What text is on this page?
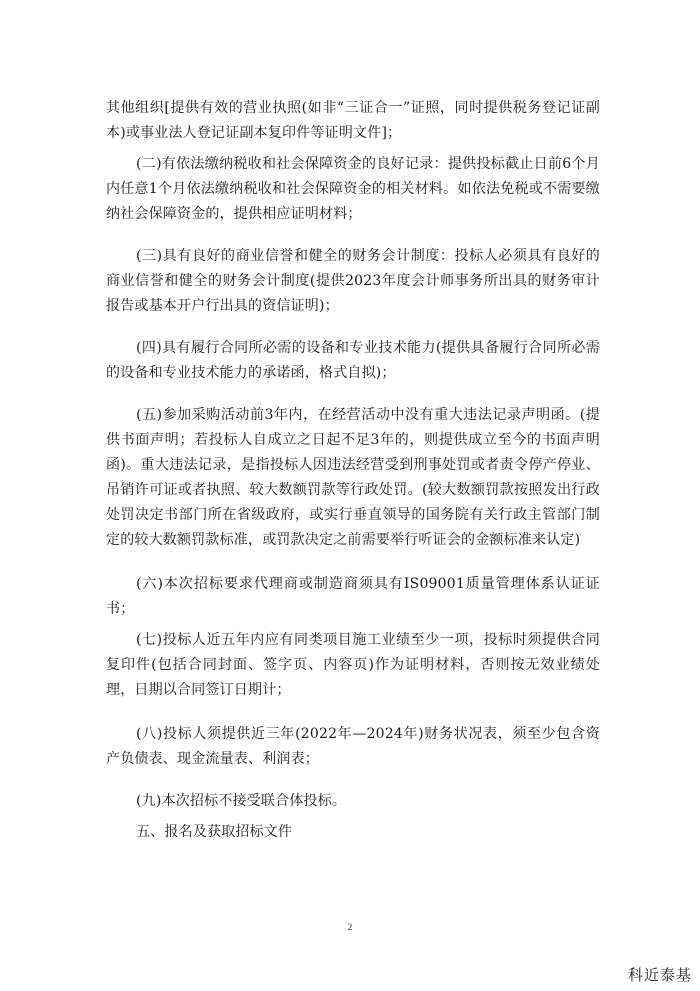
其他组织[提供有效的营业执照(如非“三证合一”证照，同时提供税务登记证副本)或事业法人登记证副本复印件等证明文件]；

(二)有依法缴纳税收和社会保障资金的良好记录：提供投标截止日前6个月内任意1个月依法缴纳税收和社会保障资金的相关材料。如依法免税或不需要缴纳社会保障资金的，提供相应证明材料；

(三)具有良好的商业信誉和健全的财务会计制度：投标人必须具有良好的商业信誉和健全的财务会计制度(提供2023年度会计师事务所出具的财务审计报告或基本开户行出具的资信证明)；

(四)具有履行合同所必需的设备和专业技术能力(提供具备履行合同所必需的设备和专业技术能力的承诺函，格式自拟)；

(五)参加采购活动前3年内，在经营活动中没有重大违法记录声明函。(提供书面声明；若投标人自成立之日起不足3年的，则提供成立至今的书面声明函)。重大违法记录，是指投标人因违法经营受到刑事处罚或者责令停产停业、吊销许可证或者执照、较大数额罚款等行政处罚。(较大数额罚款按照发出行政处罚决定书部门所在省级政府，或实行垂直领导的国务院有关行政主管部门制定的较大数额罚款标准，或罚款决定之前需要举行听证会的金额标准来认定)

(六)本次招标要求代理商或制造商须具有IS09001质量管理体系认证证书；

(七)投标人近五年内应有同类项目施工业绩至少一项，投标时须提供合同复印件(包括合同封面、签字页、内容页)作为证明材料，否则按无效业绩处理，日期以合同签订日期计；

(八)投标人须提供近三年(2022年—2024年)财务状况表，须至少包含资产负债表、现金流量表、利润表；

(九)本次招标不接受联合体投标。

五、报名及获取招标文件

2
科近泰基
